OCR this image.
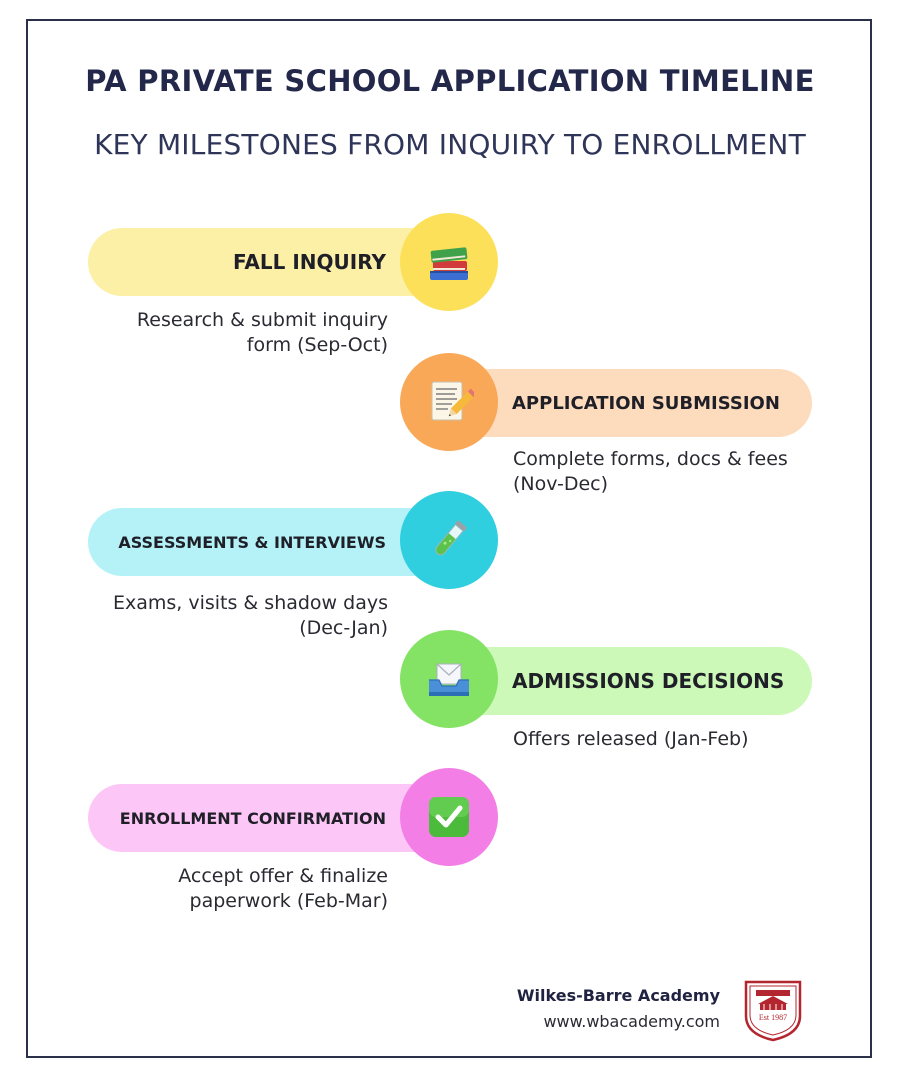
PA PRIVATE SCHOOL APPLICATION TIMELINE
KEY MILESTONES FROM INQUIRY TO ENROLLMENT
FALL INQUIRY
Research & submit inquiry
form (Sep-Oct)
APPLICATION SUBMISSION
Complete forms, docs & fees
(Nov-Dec)
ASSESSMENTS & INTERVIEWS
Exams, visits & shadow days
(Dec-Jan)
ADMISSIONS DECISIONS
Offers released (Jan-Feb)
ENROLLMENT CONFIRMATION
Accept offer & finalize
paperwork (Feb-Mar)
Wilkes-Barre Academy
www.wbacademy.com	Est 1987
